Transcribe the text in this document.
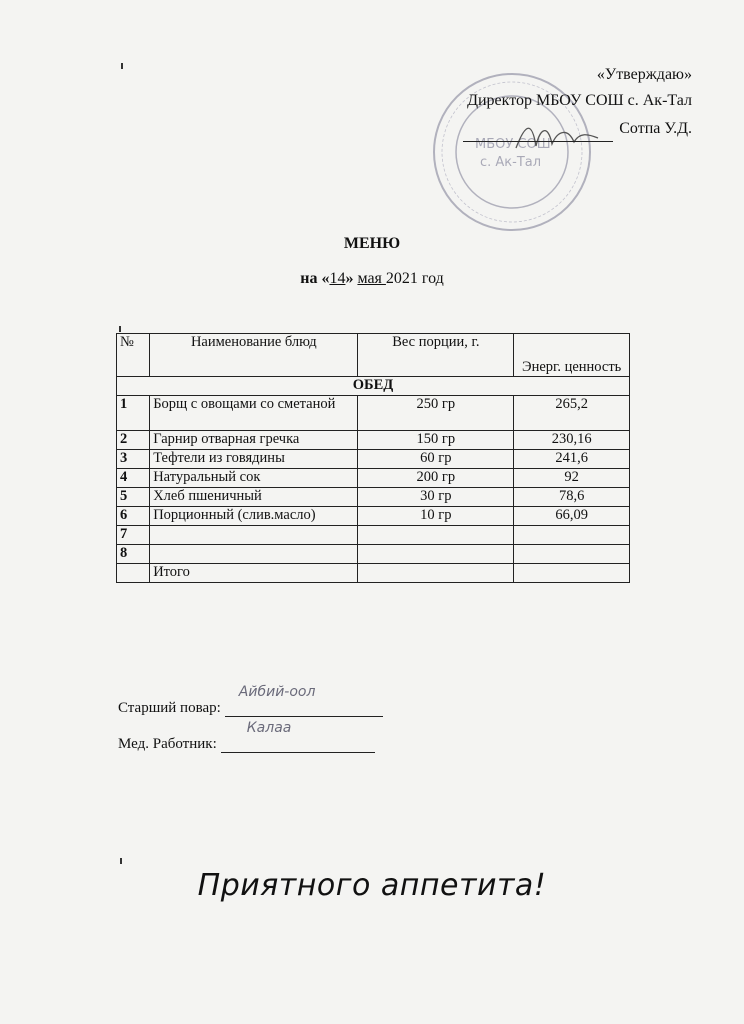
МБОУ СОШ
с. Ак-Тал
«Утверждаю»
Директор МБОУ СОШ с. Ак-Тал
Сотпа У.Д.
МЕНЮ
на «14» мая 2021 год
№	Наименование блюд	Вес порции, г.	Энерг. ценность
ОБЕД			
1	Борщ с овощами со сметаной	250 гр	265,2
2	Гарнир отварная гречка	150 гр	230,16
3	Тефтели из говядины	60 гр	241,6
4	Натуральный сок	200 гр	92
5	Хлеб пшеничный	30 гр	78,6
6	Порционный (слив.масло)	10 гр	66,09
7			
8			
	Итого		
Старший повар:
Айбий-оол
Мед. Работник:
Калаа
Приятного аппетита!
